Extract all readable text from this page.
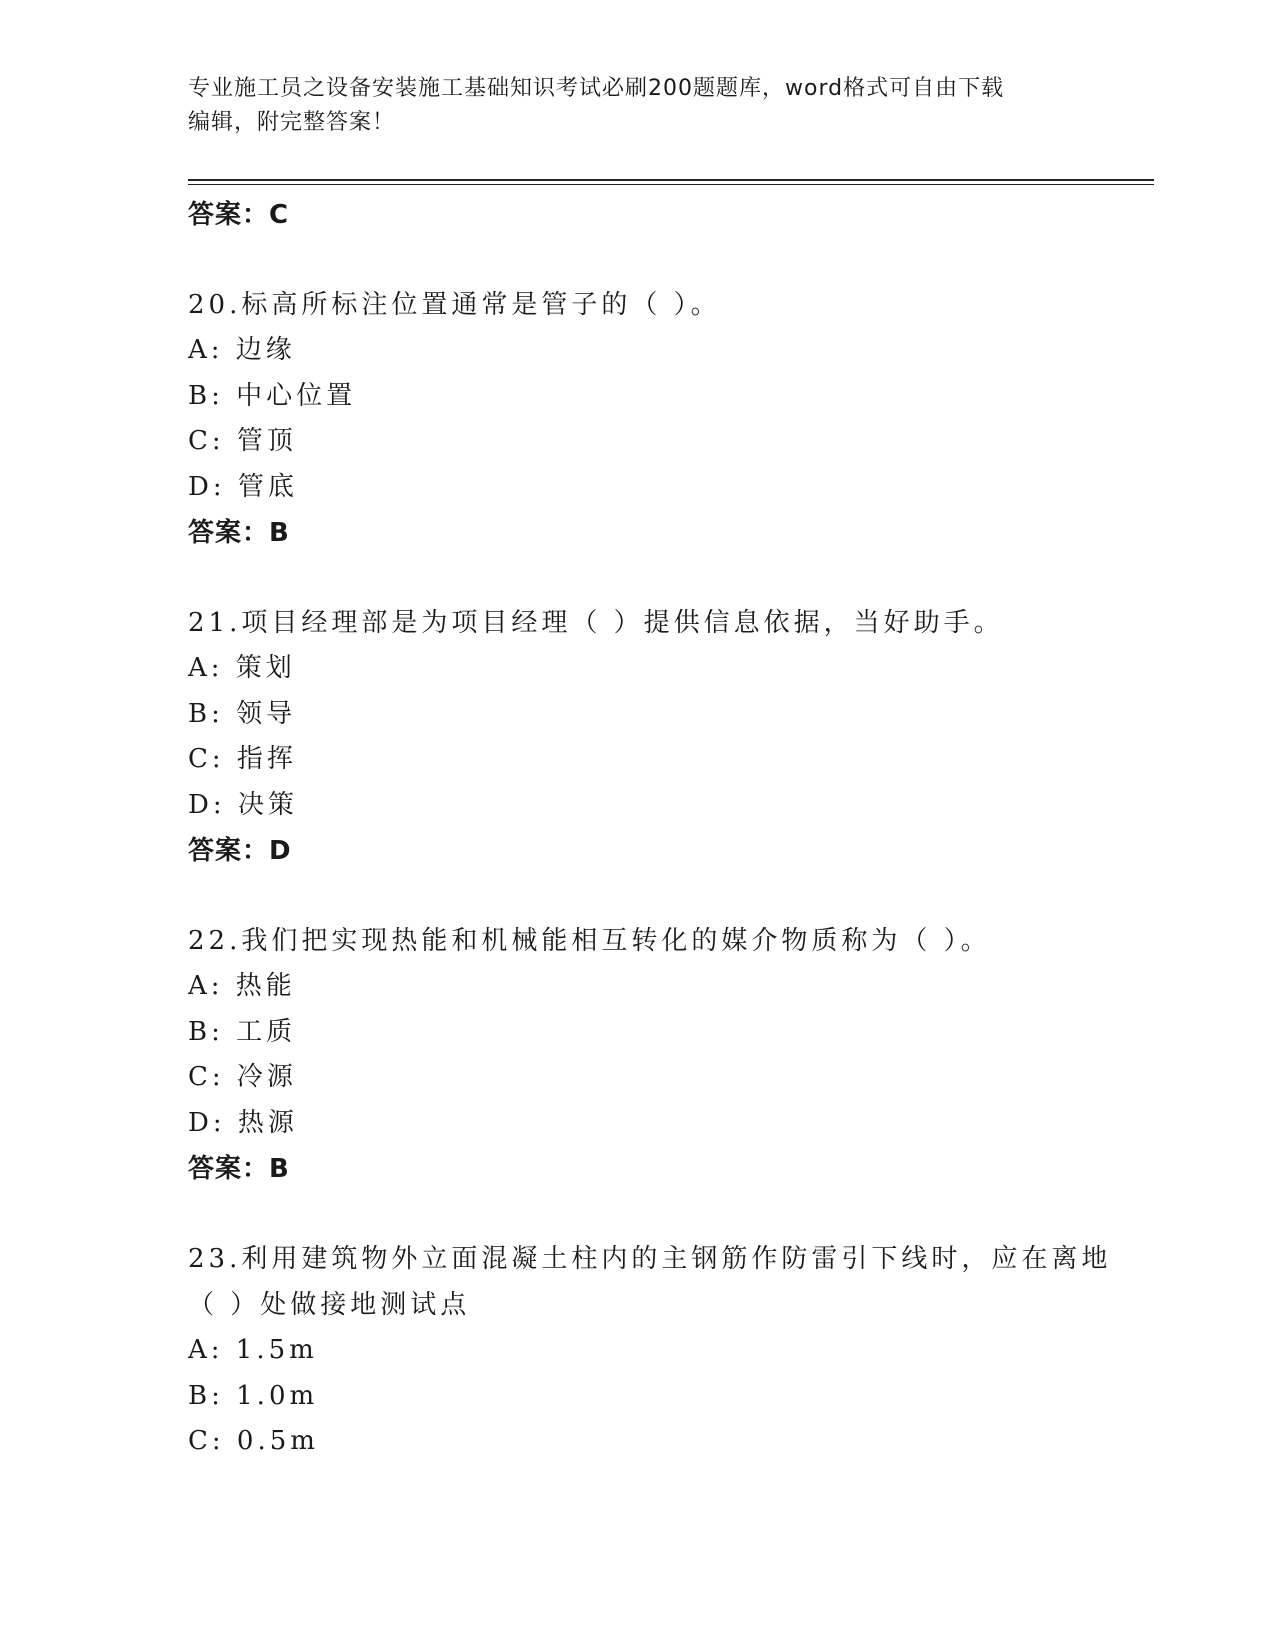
专业施工员之设备安装施工基础知识考试必刷200题题库，word格式可自由下载
编辑，附完整答案！
答案：C
20.标高所标注位置通常是管子的（ ）。
A: 边缘
B: 中心位置
C: 管顶
D: 管底
答案：B
21.项目经理部是为项目经理（ ）提供信息依据，当好助手。
A: 策划
B: 领导
C: 指挥
D: 决策
答案：D
22.我们把实现热能和机械能相互转化的媒介物质称为（ ）。
A: 热能
B: 工质
C: 冷源
D: 热源
答案：B
23.利用建筑物外立面混凝土柱内的主钢筋作防雷引下线时，应在离地
（ ）处做接地测试点
A: 1.5m
B: 1.0m
C: 0.5m
